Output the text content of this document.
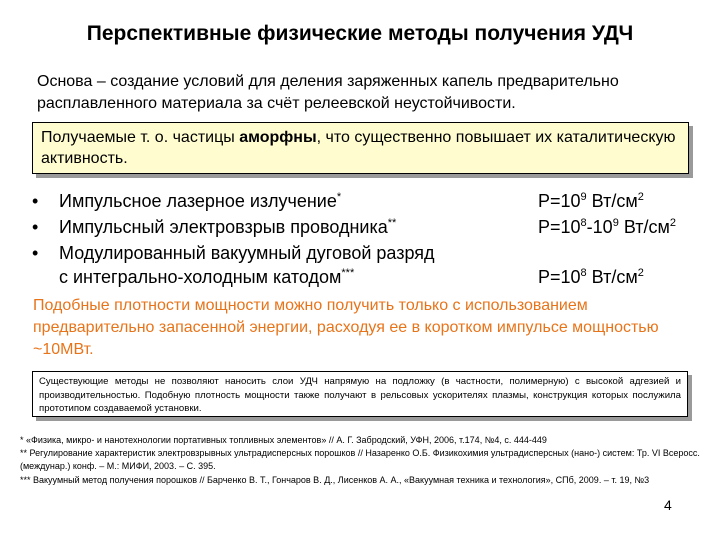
Перспективные физические методы получения УДЧ
Основа – создание условий для деления заряженных капель предварительно расплавленного материала за счёт релеевской неустойчивости.
Получаемые т. о. частицы аморфны, что существенно повышает их каталитическую активность.
• Импульсное лазерное излучение*	$P=10^9$ $Вт/см^2$
• Импульсный электровзрыв проводника**	$P=10^8-10^9$ $Вт/см^2$
• Модулированный вакуумный дуговой разряд
с интегрально-холодным катодом***	$P=10^8$ $Вт/см^2$
Подобные плотности мощности можно получить только с использованием предварительно запасенной энергии, расходуя ее в коротком импульсе мощностью ~10МВт.
Существующие методы не позволяют наносить слои УДЧ напрямую на подложку (в частности, полимерную) с высокой адгезией и производительностью. Подобную плотность мощности также получают в рельсовых ускорителях плазмы, конструкция которых послужила прототипом создаваемой установки.
* «Физика, микро- и нанотехнологии портативных топливных элементов» // А. Г. Забродский, УФН, 2006, т.174, №4, с. 444-449
** Регулирование характеристик электровзрывных ультрадисперсных порошков // Назаренко О.Б. Физикохимия ультрадисперсных (нано-) систем: Тр. VI Всеросс. (междунар.) конф. – М.: МИФИ, 2003. – С. 395.
*** Вакуумный метод получения порошков // Барченко В. Т., Гончаров В. Д., Лисенков А. А., «Вакуумная техника и технология», СПб, 2009. – т. 19, №3
4
